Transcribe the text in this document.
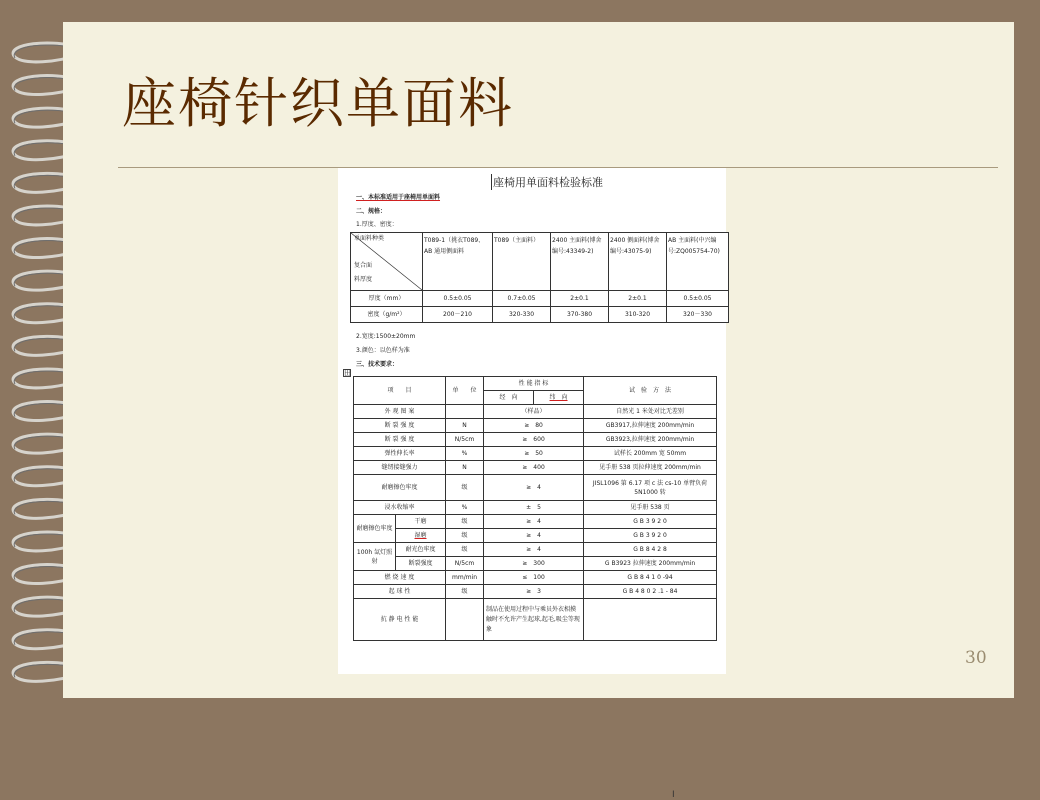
座椅针织单面料
座椅用单面料检验标准
一、本标准适用于座椅用单面料
二、规格：
1.厚度、密度：
单面料种类
复合面
料厚度	T089-1（挑衣T089、AB 通用侧面料	T089（主面料）	2400 主面料(博舍编号:43349-2)	2400 侧面料(博舍编号:43075-9)	AB 主面料(中兴编号:ZQ005754-70)
厚度（mm）	0.5±0.05	0.7±0.05	2±0.1	2±0.1	0.5±0.05
密度（g/m²）	200－210	320-330	370-380	310-320	320－330
2.宽度:1500±20mm
3.颜色：以色样为准
三、技术要求：
田
项　　目		单　　位	性 能 指 标		试　验　方　法
			经　向	纬　向	
外 观 图 案			（样品）		自然光 1 米处对比无差别
断 裂 强 度		N	≥　80		GB3917,拉伸速度 200mm/min
断 裂 强 度		N/5cm	≥　600		GB3923,拉伸速度 200mm/min
弹性伸长率		%	≥　50		试样长 200mm 宽 50mm
缝纫接缝强力		N	≥　400		见手册 538 页拉伸速度 200mm/min
耐磨擦色牢度		级	≥　4		JISL1096 第 6.17 项 c 法 cs-10 单臂负荷 5N1000 转
浸水收缩率		%	±　5		见手册 538 页
耐磨擦色牢度	干磨	级	≥　4		G B 3 9 2 0
	湿磨	级	≥　4		G B 3 9 2 0
100h 氙灯照射	耐光色牢度	级	≥　4		G B 8 4 2 8
	断裂强度	N/5cm	≥　300		G B3923 拉伸速度 200mm/min
燃 烧 速 度		mm/min	≤　100		G B 8 4 1 0 -94
起 球 性		级	≥　3		G B 4 8 0 2 .1 - 84
抗 静 电 性 能			制品在使用过程中与乘员外衣相摸触时不允许产生起球,起毛,吸尘等现象		
I
30
